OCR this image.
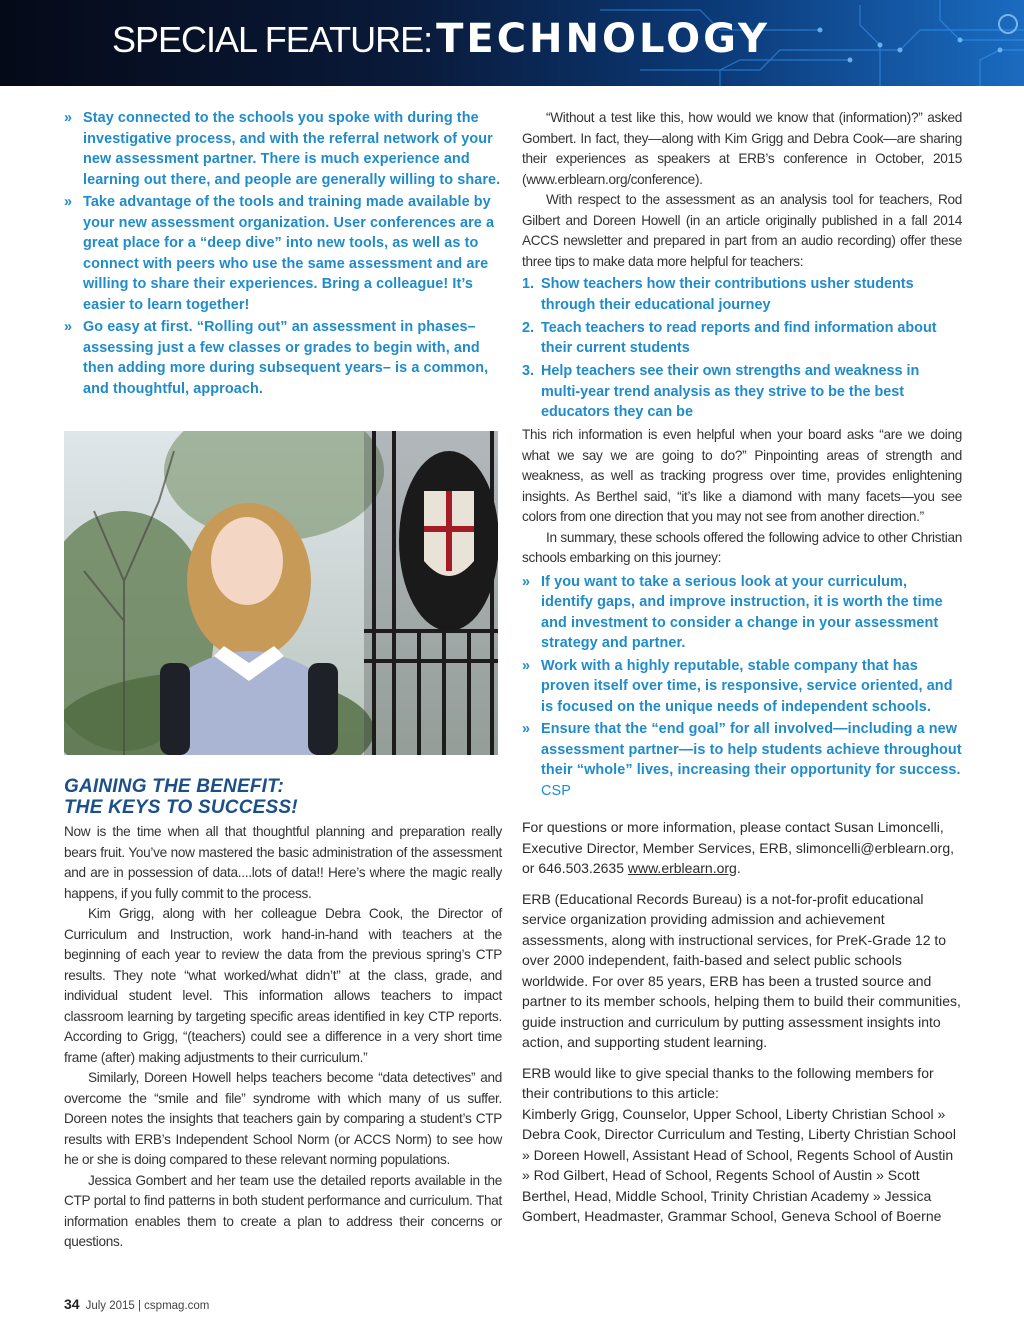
SPECIAL FEATURE: TECHNOLOGY
» Stay connected to the schools you spoke with during the investigative process, and with the referral network of your new assessment partner. There is much experience and learning out there, and people are generally willing to share.
» Take advantage of the tools and training made available by your new assessment organization. User conferences are a great place for a “deep dive” into new tools, as well as to connect with peers who use the same assessment and are willing to share their experiences. Bring a colleague! It’s easier to learn together!
» Go easy at first. “Rolling out” an assessment in phases– assessing just a few classes or grades to begin with, and then adding more during subsequent years– is a common, and thoughtful, approach.
GAINING THE BENEFIT:
THE KEYS TO SUCCESS!

Now is the time when all that thoughtful planning and preparation really bears fruit. You’ve now mastered the basic administration of the assessment and are in possession of data....lots of data!! Here’s where the magic really happens, if you fully commit to the process.

Kim Grigg, along with her colleague Debra Cook, the Director of Curriculum and Instruction, work hand-in-hand with teachers at the beginning of each year to review the data from the previous spring’s CTP results. They note “what worked/what didn’t” at the class, grade, and individual student level. This information allows teachers to impact classroom learning by targeting specific areas identified in key CTP reports. According to Grigg, “(teachers) could see a difference in a very short time frame (after) making adjustments to their curriculum.”

Similarly, Doreen Howell helps teachers become “data detectives” and overcome the “smile and file” syndrome with which many of us suffer. Doreen notes the insights that teachers gain by comparing a student’s CTP results with ERB’s Independent School Norm (or ACCS Norm) to see how he or she is doing compared to these relevant norming populations.

Jessica Gombert and her team use the detailed reports available in the CTP portal to find patterns in both student performance and curriculum. That information enables them to create a plan to address their concerns or questions.

“Without a test like this, how would we know that (information)?” asked Gombert. In fact, they—along with Kim Grigg and Debra Cook—are sharing their experiences as speakers at ERB’s conference in October, 2015 (www.erblearn.org/conference).

With respect to the assessment as an analysis tool for teachers, Rod Gilbert and Doreen Howell (in an article originally published in a fall 2014 ACCS newsletter and prepared in part from an audio recording) offer these three tips to make data more helpful for teachers:

1. Show teachers how their contributions usher students through their educational journey
2. Teach teachers to read reports and find information about their current students
3. Help teachers see their own strengths and weakness in multi-year trend analysis as they strive to be the best educators they can be

This rich information is even helpful when your board asks “are we doing what we say we are going to do?” Pinpointing areas of strength and weakness, as well as tracking progress over time, provides enlightening insights. As Berthel said, “it’s like a diamond with many facets—you see colors from one direction that you may not see from another direction.”

In summary, these schools offered the following advice to other Christian schools embarking on this journey:

» If you want to take a serious look at your curriculum, identify gaps, and improve instruction, it is worth the time and investment to consider a change in your assessment strategy and partner.
» Work with a highly reputable, stable company that has proven itself over time, is responsive, service oriented, and is focused on the unique needs of independent schools.
» Ensure that the “end goal” for all involved—including a new assessment partner—is to help students achieve throughout their “whole” lives, increasing their opportunity for success. CSP

For questions or more information, please contact Susan Limoncelli, Executive Director, Member Services, ERB, slimoncelli@erblearn.org, or 646.503.2635 www.erblearn.org.

ERB (Educational Records Bureau) is a not-for-profit educational service organization providing admission and achievement assessments, along with instructional services, for PreK-Grade 12 to over 2000 independent, faith-based and select public schools worldwide. For over 85 years, ERB has been a trusted source and partner to its member schools, helping them to build their communities, guide instruction and curriculum by putting assessment insights into action, and supporting student learning.

ERB would like to give special thanks to the following members for their contributions to this article:
Kimberly Grigg, Counselor, Upper School, Liberty Christian School » Debra Cook, Director Curriculum and Testing, Liberty Christian School » Doreen Howell, Assistant Head of School, Regents School of Austin » Rod Gilbert, Head of School, Regents School of Austin » Scott Berthel, Head, Middle School, Trinity Christian Academy » Jessica Gombert, Headmaster, Grammar School, Geneva School of Boerne

34 July 2015 | cspmag.com
